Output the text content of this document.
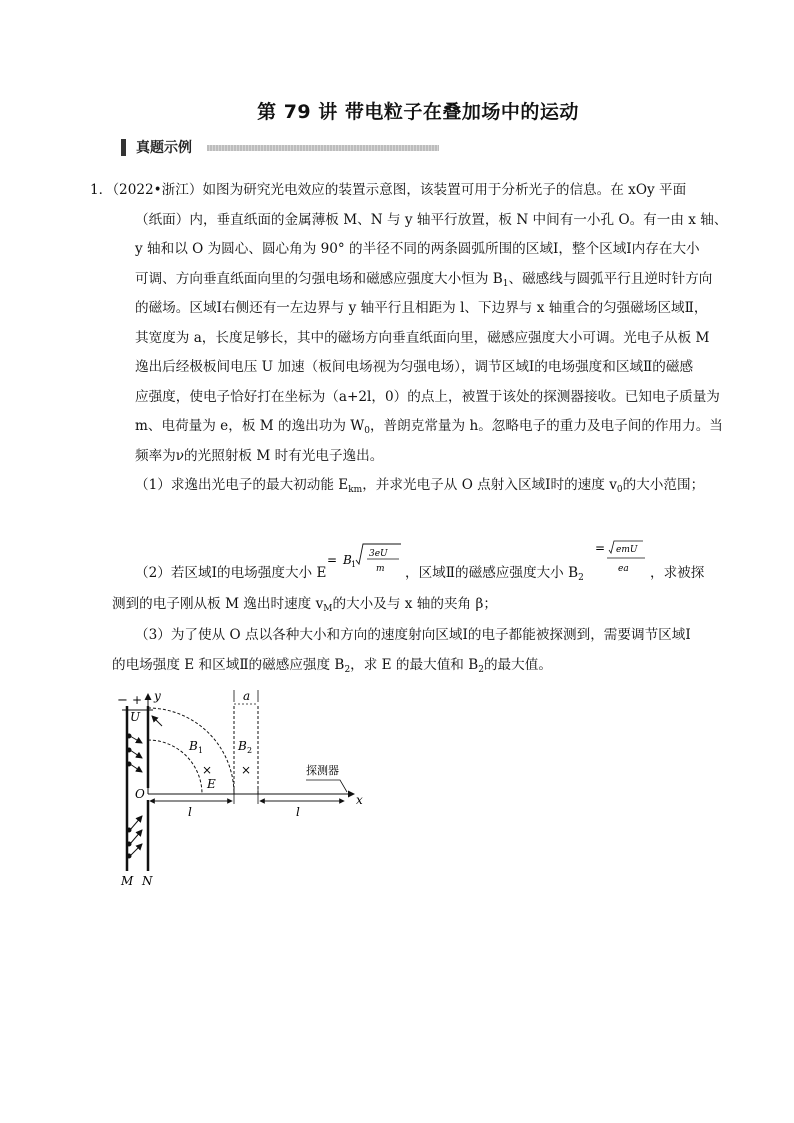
第 79 讲 带电粒子在叠加场中的运动
真题示例
1．（2022•浙江）如图为研究光电效应的装置示意图，该装置可用于分析光子的信息。在 xOy 平面
（纸面）内，垂直纸面的金属薄板 M、N 与 y 轴平行放置，板 N 中间有一小孔 O。有一由 x 轴、
y 轴和以 O 为圆心、圆心角为 90° 的半径不同的两条圆弧所围的区域Ⅰ，整个区域Ⅰ内存在大小
可调、方向垂直纸面向里的匀强电场和磁感应强度大小恒为 $B_1$、磁感线与圆弧平行且逆时针方向
的磁场。区域Ⅰ右侧还有一左边界与 y 轴平行且相距为 l、下边界与 x 轴重合的匀强磁场区域Ⅱ，
其宽度为 a，长度足够长，其中的磁场方向垂直纸面向里，磁感应强度大小可调。光电子从板 M
逸出后经极板间电压 U 加速（板间电场视为匀强电场），调节区域Ⅰ的电场强度和区域Ⅱ的磁感
应强度，使电子恰好打在坐标为（a+2l，0）的点上，被置于该处的探测器接收。已知电子质量为
m、电荷量为 e，板 M 的逸出功为 $W_0$，普朗克常量为 h。忽略电子的重力及电子间的作用力。当
频率为ν的光照射板 M 时有光电子逸出。
（1）求逸出光电子的最大初动能 $E_{km}$，并求光电子从 O 点射入区域Ⅰ时的速度 $v_0$的大小范围；
（2）若区域Ⅰ的电场强度大小 E
= B 1
3eU
m ，区域Ⅱ的磁感应强度大小 $B_2$
= emU
ea ，求被探
测到的电子刚从板 M 逸出时速度 $v_M$的大小及与 x 轴的夹角 β；
（3）为了使从 O 点以各种大小和方向的速度射向区域Ⅰ的电子都能被探测到，需要调节区域Ⅰ
的电场强度 E 和区域Ⅱ的磁感应强度 $B_2$，求 E 的最大值和 $B_2$的最大值。
− +
U
y
x
O
B 1
×
E
a
B 2
×	探测器
l	l
M N
